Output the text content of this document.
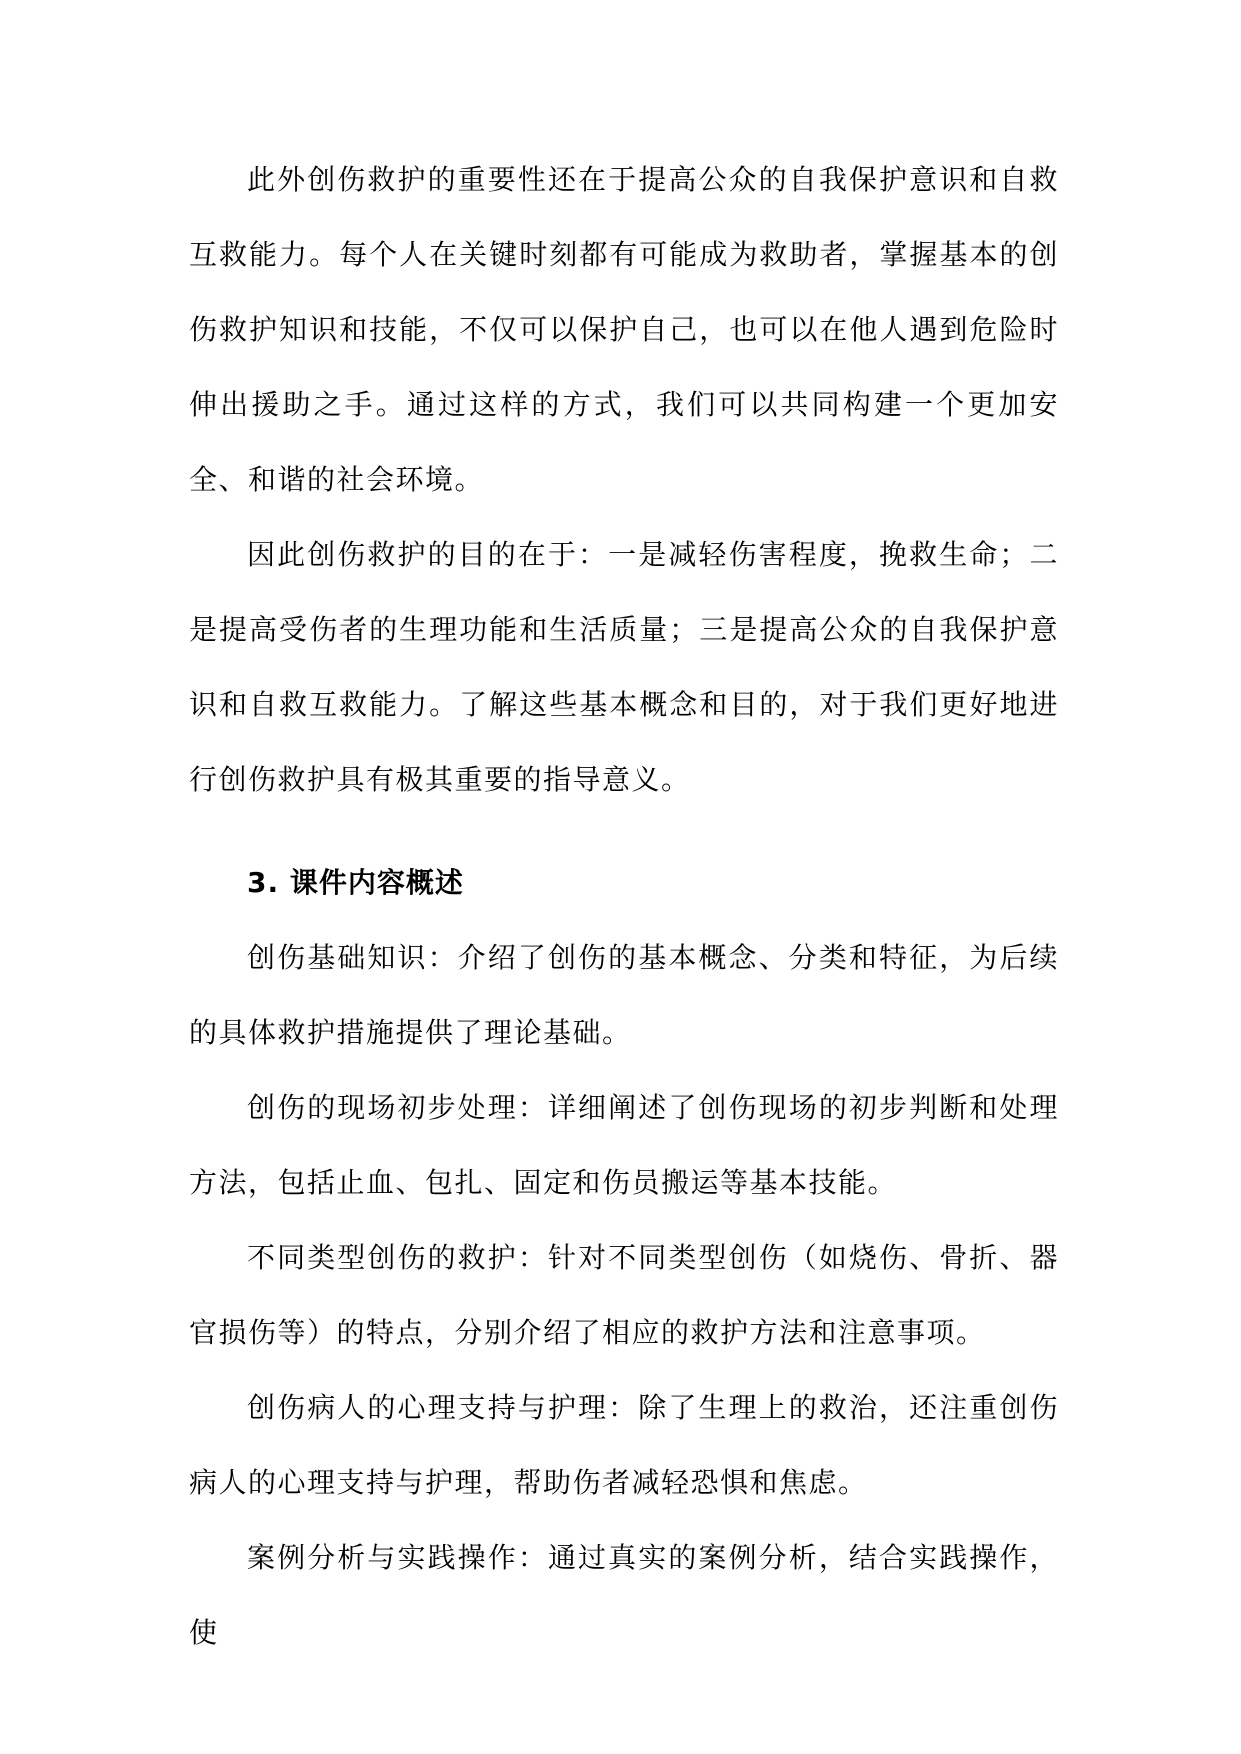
此外创伤救护的重要性还在于提高公众的自我保护意识和自救互救能力。每个人在关键时刻都有可能成为救助者，掌握基本的创伤救护知识和技能，不仅可以保护自己，也可以在他人遇到危险时伸出援助之手。通过这样的方式，我们可以共同构建一个更加安全、和谐的社会环境。

因此创伤救护的目的在于：一是减轻伤害程度，挽救生命；二是提高受伤者的生理功能和生活质量；三是提高公众的自我保护意识和自救互救能力。了解这些基本概念和目的，对于我们更好地进行创伤救护具有极其重要的指导意义。

3. 课件内容概述

创伤基础知识：介绍了创伤的基本概念、分类和特征，为后续的具体救护措施提供了理论基础。

创伤的现场初步处理：详细阐述了创伤现场的初步判断和处理方法，包括止血、包扎、固定和伤员搬运等基本技能。

不同类型创伤的救护：针对不同类型创伤（如烧伤、骨折、器官损伤等）的特点，分别介绍了相应的救护方法和注意事项。

创伤病人的心理支持与护理：除了生理上的救治，还注重创伤病人的心理支持与护理，帮助伤者减轻恐惧和焦虑。

案例分析与实践操作：通过真实的案例分析，结合实践操作，使
